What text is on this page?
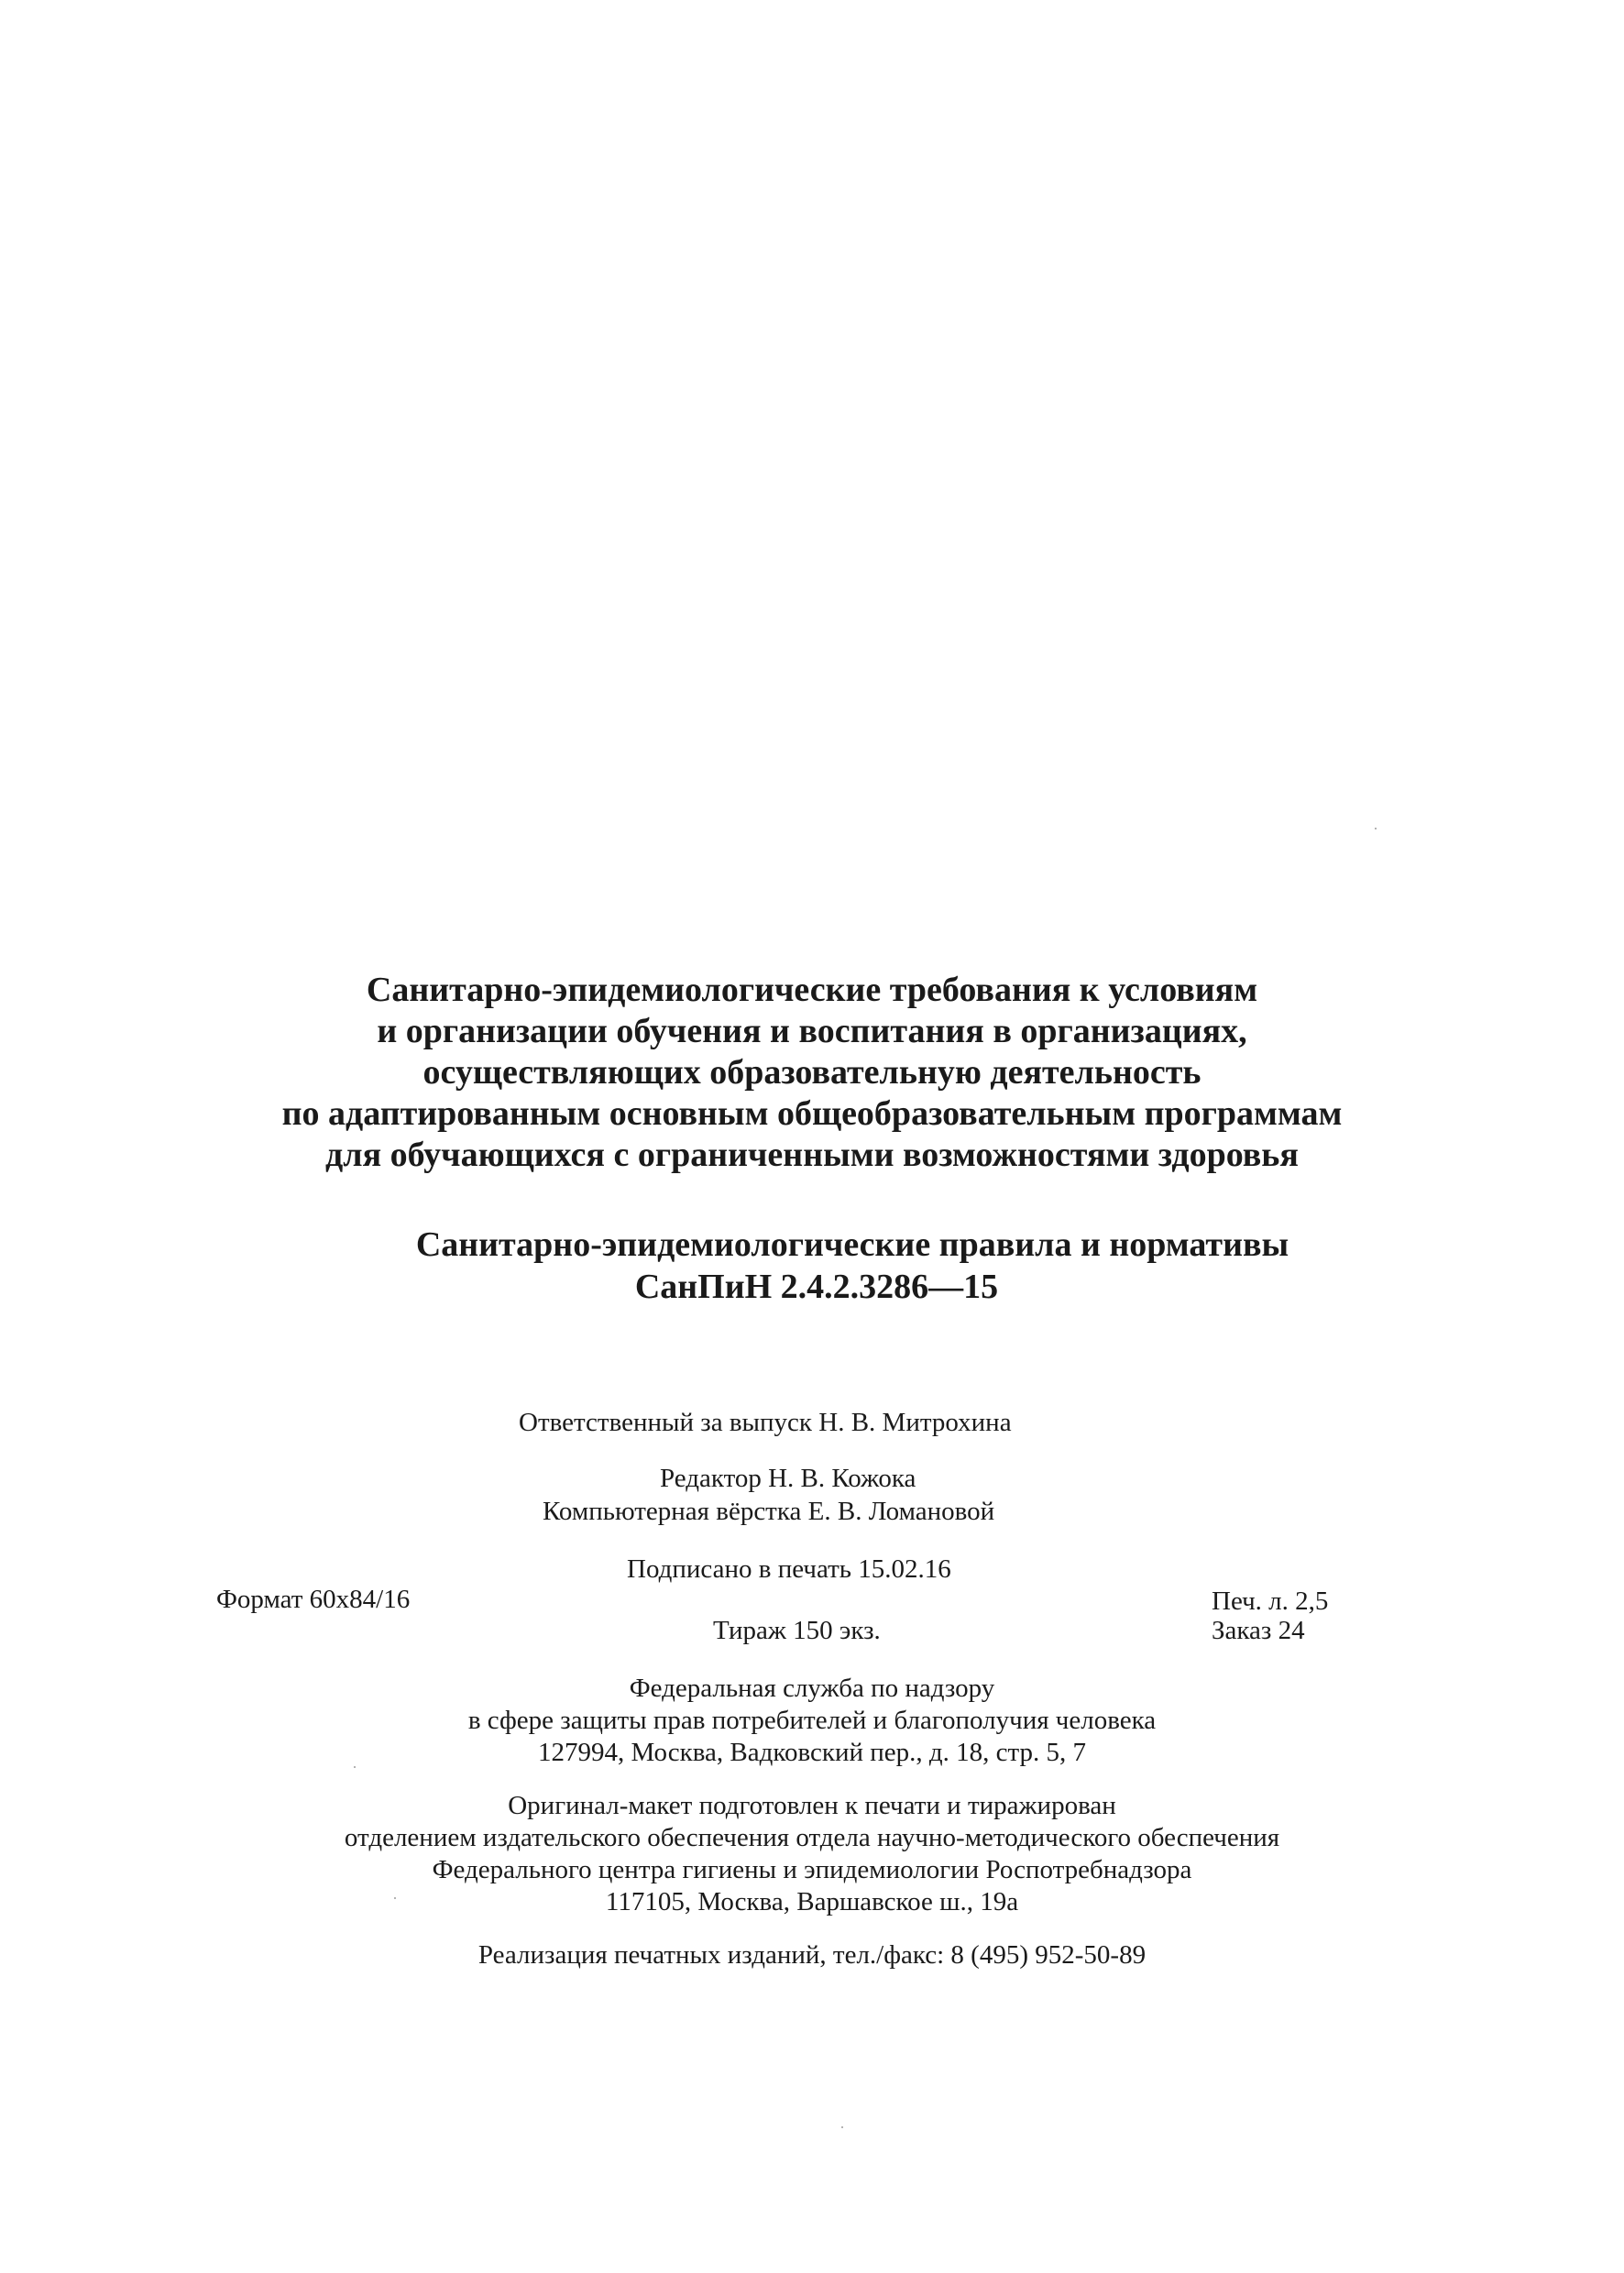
Санитарно-эпидемиологические требования к условиям
и организации обучения и воспитания в организациях,
осуществляющих образовательную деятельность
по адаптированным основным общеобразовательным программам
для обучающихся с ограниченными возможностями здоровья
Санитарно-эпидемиологические правила и нормативы
СанПиН 2.4.2.3286—15
Ответственный за выпуск Н. В. Митрохина
Редактор Н. В. Кожока
Компьютерная вёрстка Е. В. Ломановой
Подписано в печать 15.02.16
Формат 60x84/16	Печ. л. 2,5
Тираж 150 экз.	Заказ 24
Федеральная служба по надзору
в сфере защиты прав потребителей и благополучия человека
127994, Москва, Вадковский пер., д. 18, стр. 5, 7
Оригинал-макет подготовлен к печати и тиражирован
отделением издательского обеспечения отдела научно-методического обеспечения
Федерального центра гигиены и эпидемиологии Роспотребнадзора
117105, Москва, Варшавское ш., 19а
Реализация печатных изданий, тел./факс: 8 (495) 952-50-89
